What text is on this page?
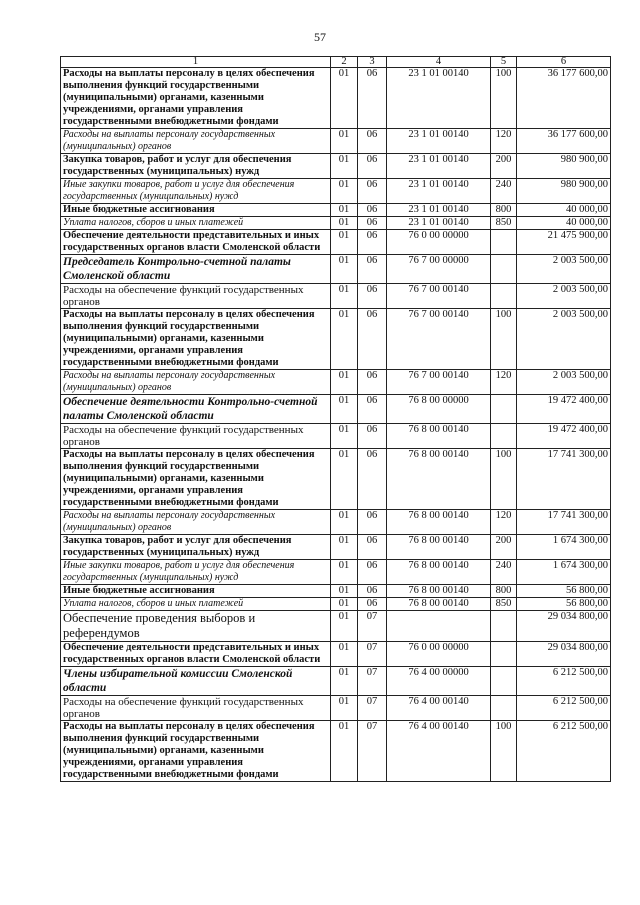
57
1	2	3	4	5	6
Расходы на выплаты персоналу в целях обеспечения выполнения функций государственными (муниципальными) органами, казенными учреждениями, органами управления государственными внебюджетными фондами	01	06	23 1 01 00140	100	36 177 600,00
Расходы на выплаты персоналу государственных (муниципальных) органов	01	06	23 1 01 00140	120	36 177 600,00
Закупка товаров, работ и услуг для обеспечения государственных (муниципальных) нужд	01	06	23 1 01 00140	200	980 900,00
Иные закупки товаров, работ и услуг для обеспечения государственных (муниципальных) нужд	01	06	23 1 01 00140	240	980 900,00
Иные бюджетные ассигнования	01	06	23 1 01 00140	800	40 000,00
Уплата налогов, сборов и иных платежей	01	06	23 1 01 00140	850	40 000,00
Обеспечение деятельности представительных и иных государственных органов власти Смоленской области	01	06	76 0 00 00000		21 475 900,00
Председатель Контрольно-счетной палаты Смоленской области	01	06	76 7 00 00000		2 003 500,00
Расходы на обеспечение функций государственных органов	01	06	76 7 00 00140		2 003 500,00
Расходы на выплаты персоналу в целях обеспечения выполнения функций государственными (муниципальными) органами, казенными учреждениями, органами управления государственными внебюджетными фондами	01	06	76 7 00 00140	100	2 003 500,00
Расходы на выплаты персоналу государственных (муниципальных) органов	01	06	76 7 00 00140	120	2 003 500,00
Обеспечение деятельности Контрольно-счетной палаты Смоленской области	01	06	76 8 00 00000		19 472 400,00
Расходы на обеспечение функций государственных органов	01	06	76 8 00 00140		19 472 400,00
Расходы на выплаты персоналу в целях обеспечения выполнения функций государственными (муниципальными) органами, казенными учреждениями, органами управления государственными внебюджетными фондами	01	06	76 8 00 00140	100	17 741 300,00
Расходы на выплаты персоналу государственных (муниципальных) органов	01	06	76 8 00 00140	120	17 741 300,00
Закупка товаров, работ и услуг для обеспечения государственных (муниципальных) нужд	01	06	76 8 00 00140	200	1 674 300,00
Иные закупки товаров, работ и услуг для обеспечения государственных (муниципальных) нужд	01	06	76 8 00 00140	240	1 674 300,00
Иные бюджетные ассигнования	01	06	76 8 00 00140	800	56 800,00
Уплата налогов, сборов и иных платежей	01	06	76 8 00 00140	850	56 800,00
Обеспечение проведения выборов и референдумов	01	07			29 034 800,00
Обеспечение деятельности представительных и иных государственных органов власти Смоленской области	01	07	76 0 00 00000		29 034 800,00
Члены избирательной комиссии Смоленской области	01	07	76 4 00 00000		6 212 500,00
Расходы на обеспечение функций государственных органов	01	07	76 4 00 00140		6 212 500,00
Расходы на выплаты персоналу в целях обеспечения выполнения функций государственными (муниципальными) органами, казенными учреждениями, органами управления государственными внебюджетными фондами	01	07	76 4 00 00140	100	6 212 500,00
